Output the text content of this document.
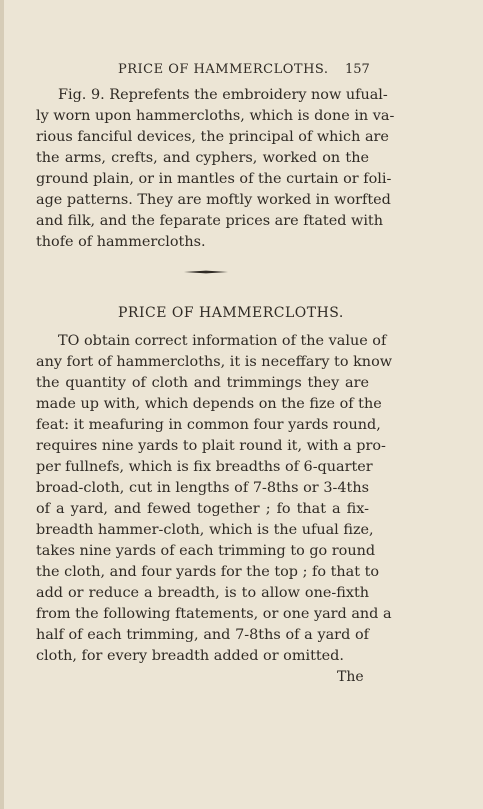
PRICE OF HAMMERCLOTHS. 157
Fig. 9. Reprefents the embroidery now ufual-
ly worn upon hammercloths, which is done in va-
rious fanciful devices, the principal of which are
the arms, crefts, and cyphers, worked on the
ground plain, or in mantles of the curtain or foli-
age patterns. They are moftly worked in worfted
and filk, and the feparate prices are ftated with
thofe of hammercloths.
PRICE OF HAMMERCLOTHS.
TO obtain correct information of the value of
any fort of hammercloths, it is neceffary to know
the quantity of cloth and trimmings they are
made up with, which depends on the fize of the
feat: it meafuring in common four yards round,
requires nine yards to plait round it, with a pro-
per fullnefs, which is fix breadths of 6-quarter
broad-cloth, cut in lengths of 7-8ths or 3-4ths
of a yard, and fewed together ; fo that a fix-
breadth hammer-cloth, which is the ufual fize,
takes nine yards of each trimming to go round
the cloth, and four yards for the top ; fo that to
add or reduce a breadth, is to allow one-fixth
from the following ftatements, or one yard and a
half of each trimming, and 7-8ths of a yard of
cloth, for every breadth added or omitted.
The
